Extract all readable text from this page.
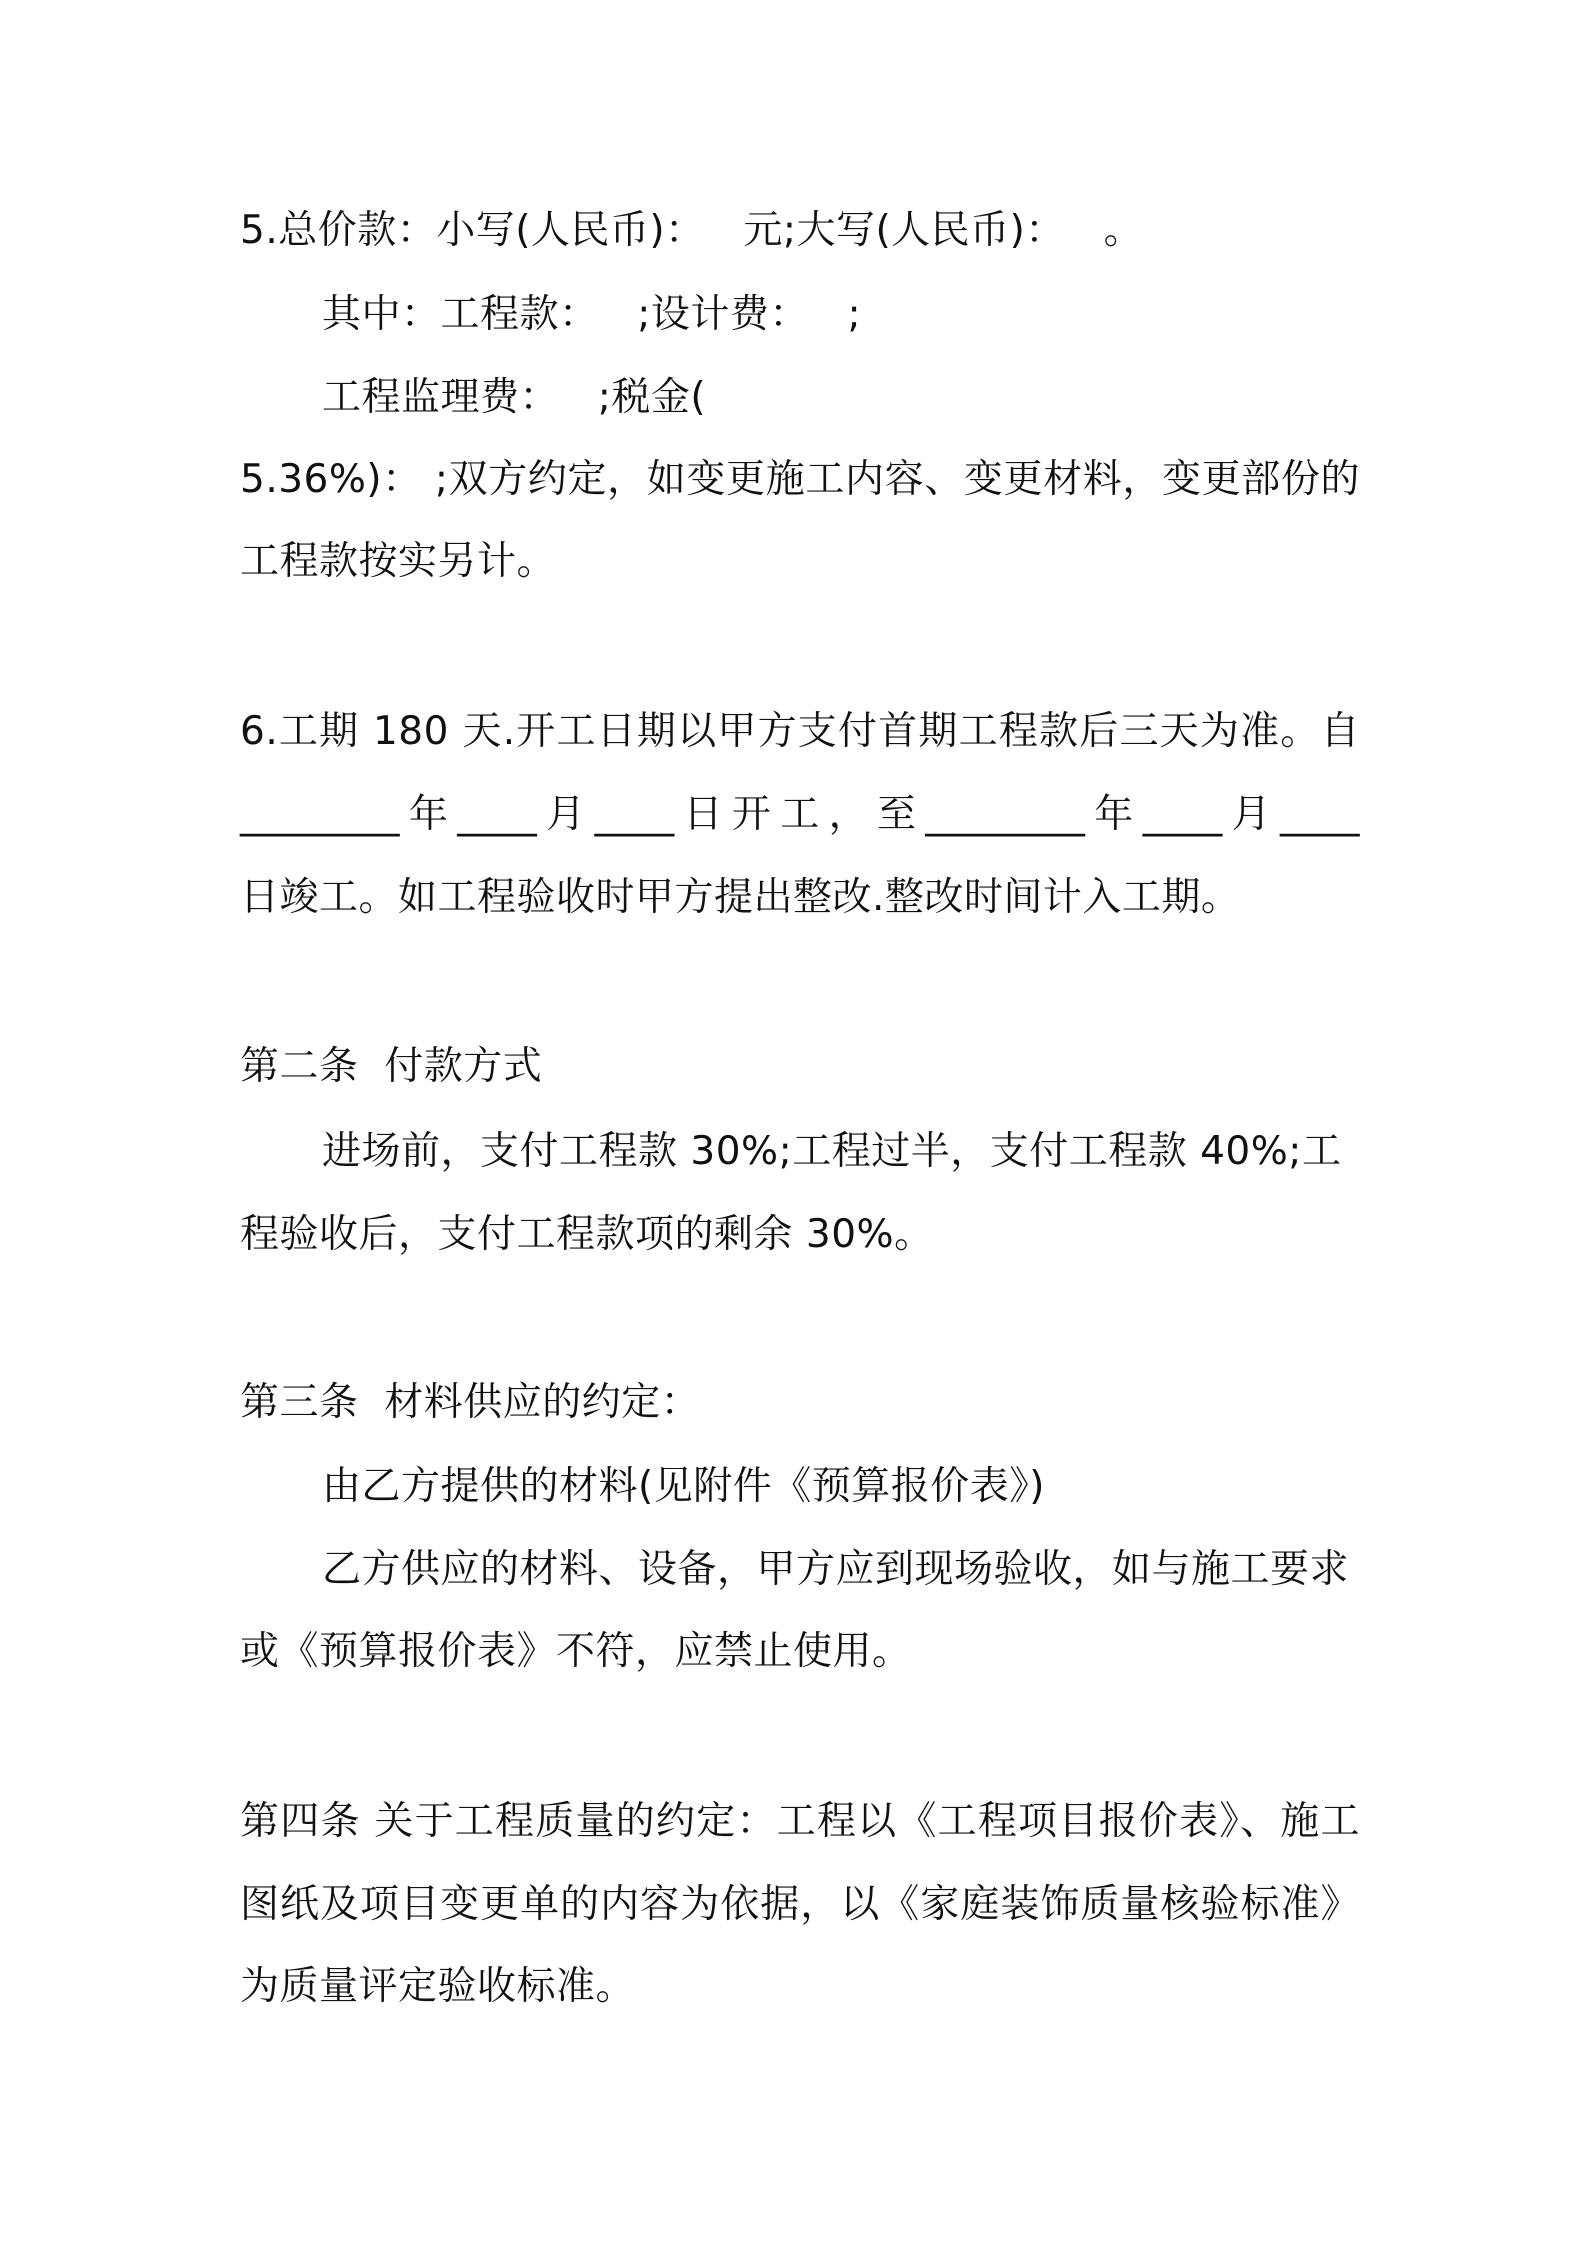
5.总价款：小写(人民币)：   元;大写(人民币)：   。
其中：工程款：   ;设计费：   ;
工程监理费：   ;税金(
5.36%)： ;双方约定，如变更施工内容、变更材料，变更部份的
工程款按实另计。
6.工期 180 天.开工日期以甲方支付首期工程款后三天为准。自
________年____月____日开工，至________年____月____
日竣工。如工程验收时甲方提出整改.整改时间计入工期。
第二条  付款方式
进场前，支付工程款 30%;工程过半，支付工程款 40%;工
程验收后，支付工程款项的剩余 30%。
第三条  材料供应的约定：
由乙方提供的材料(见附件《预算报价表》)
乙方供应的材料、设备，甲方应到现场验收，如与施工要求
或《预算报价表》不符，应禁止使用。
第四条 关于工程质量的约定：工程以《工程项目报价表》、施工
图纸及项目变更单的内容为依据，以《家庭装饰质量核验标准》
为质量评定验收标准。
